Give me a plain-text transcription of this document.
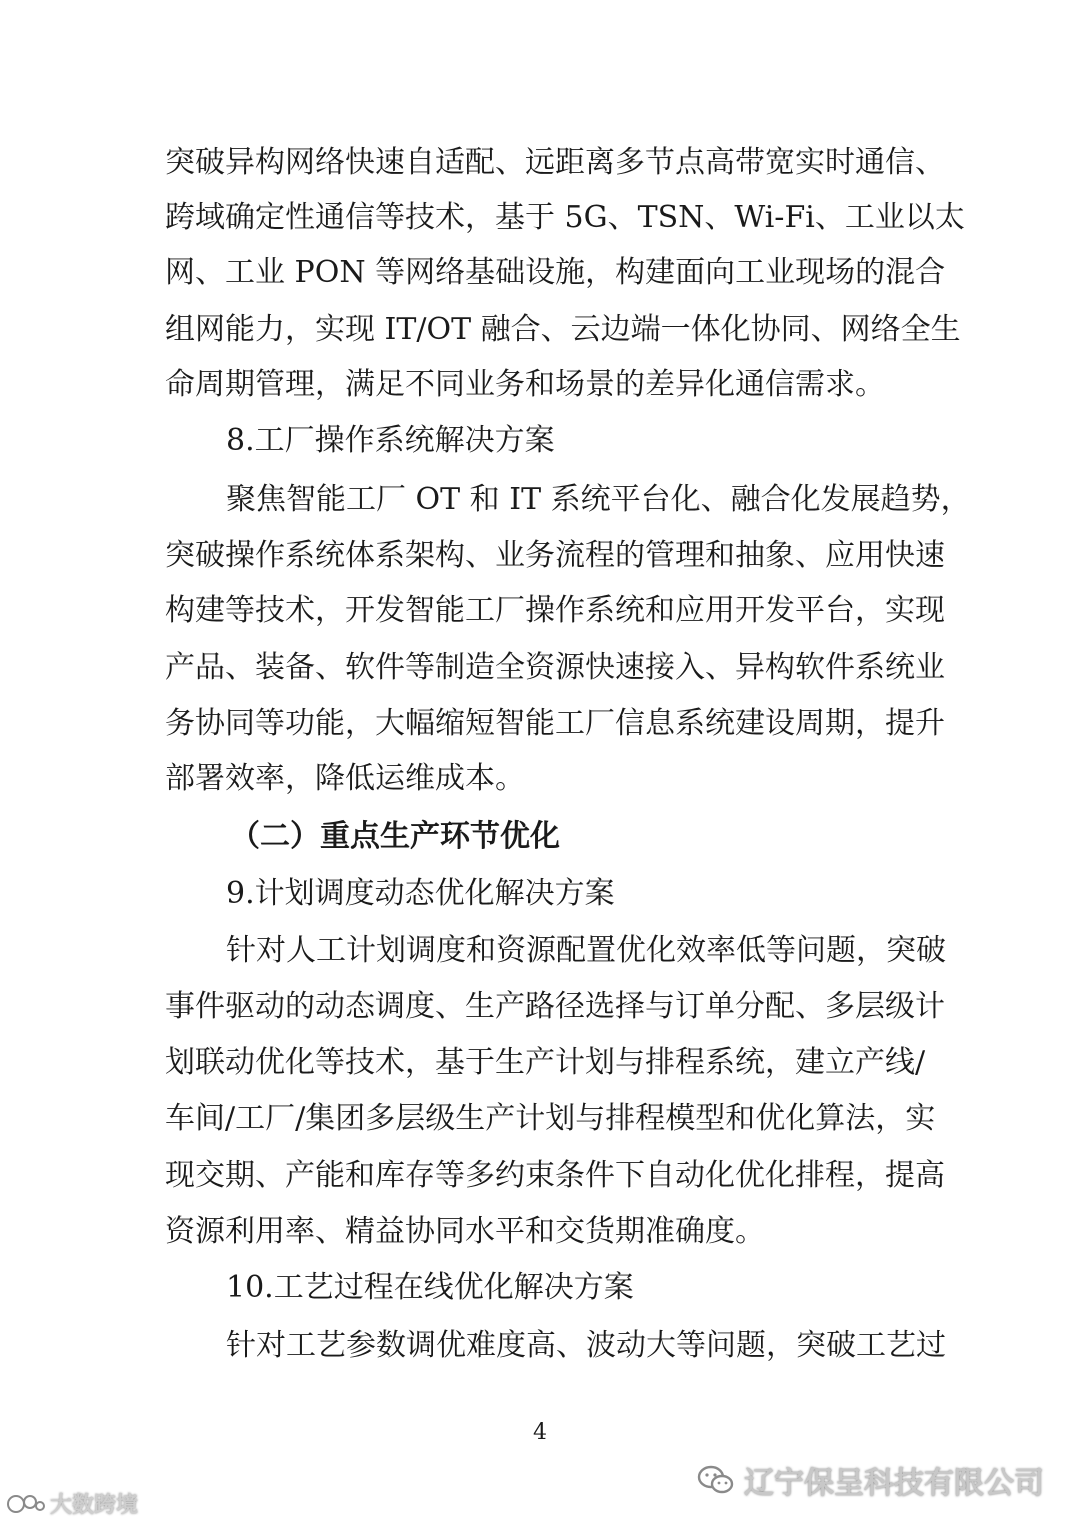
突破异构网络快速自适配、远距离多节点高带宽实时通信、
跨域确定性通信等技术，基于 5G、TSN、Wi-Fi、工业以太
网、工业 PON 等网络基础设施，构建面向工业现场的混合
组网能力，实现 IT/OT 融合、云边端一体化协同、网络全生
命周期管理，满足不同业务和场景的差异化通信需求。
8.工厂操作系统解决方案
聚焦智能工厂 OT 和 IT 系统平台化、融合化发展趋势，
突破操作系统体系架构、业务流程的管理和抽象、应用快速
构建等技术，开发智能工厂操作系统和应用开发平台，实现
产品、装备、软件等制造全资源快速接入、异构软件系统业
务协同等功能，大幅缩短智能工厂信息系统建设周期，提升
部署效率，降低运维成本。
（二）重点生产环节优化
9.计划调度动态优化解决方案
针对人工计划调度和资源配置优化效率低等问题，突破
事件驱动的动态调度、生产路径选择与订单分配、多层级计
划联动优化等技术，基于生产计划与排程系统，建立产线/
车间/工厂/集团多层级生产计划与排程模型和优化算法，实
现交期、产能和库存等多约束条件下自动化优化排程，提高
资源利用率、精益协同水平和交货期准确度。
10.工艺过程在线优化解决方案
针对工艺参数调优难度高、波动大等问题，突破工艺过
4
大数跨境
辽宁保呈科技有限公司
